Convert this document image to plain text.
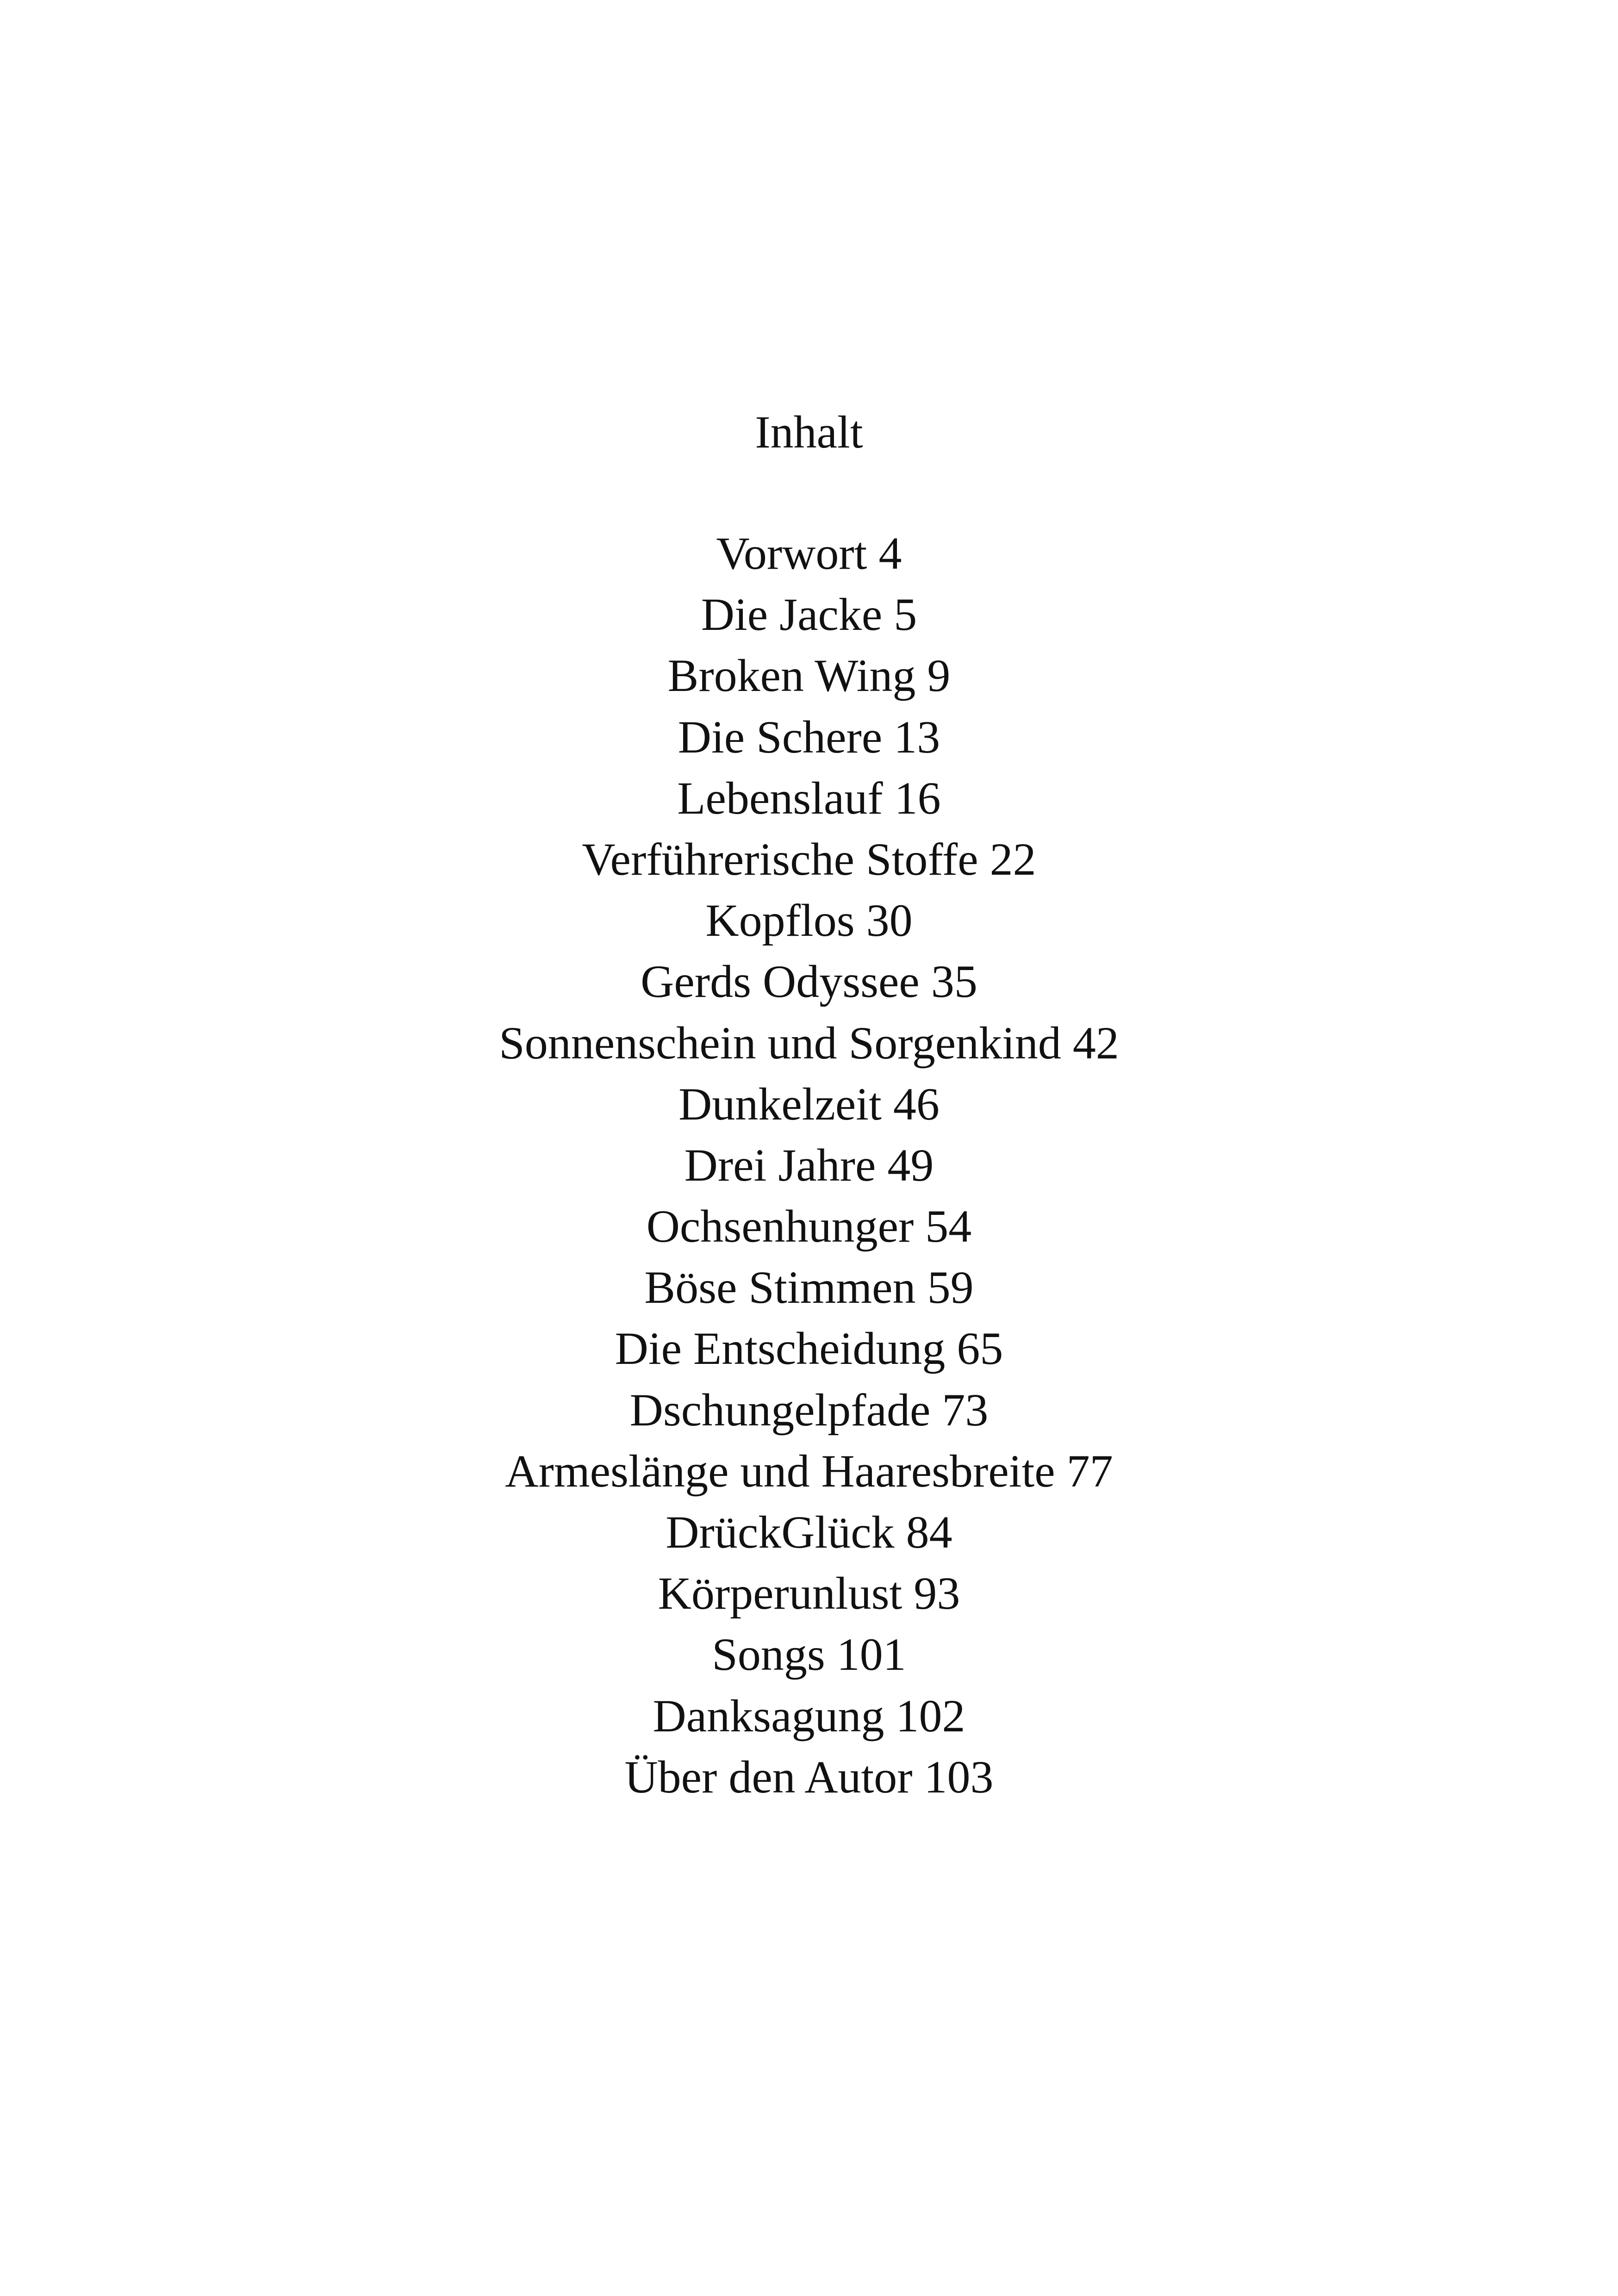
Inhalt
Vorwort 4
Die Jacke 5
Broken Wing 9
Die Schere 13
Lebenslauf 16
Verführerische Stoffe 22
Kopflos 30
Gerds Odyssee 35
Sonnenschein und Sorgenkind 42
Dunkelzeit 46
Drei Jahre 49
Ochsenhunger 54
Böse Stimmen 59
Die Entscheidung 65
Dschungelpfade 73
Armeslänge und Haaresbreite 77
DrückGlück 84
Körperunlust 93
Songs 101
Danksagung 102
Über den Autor 103
